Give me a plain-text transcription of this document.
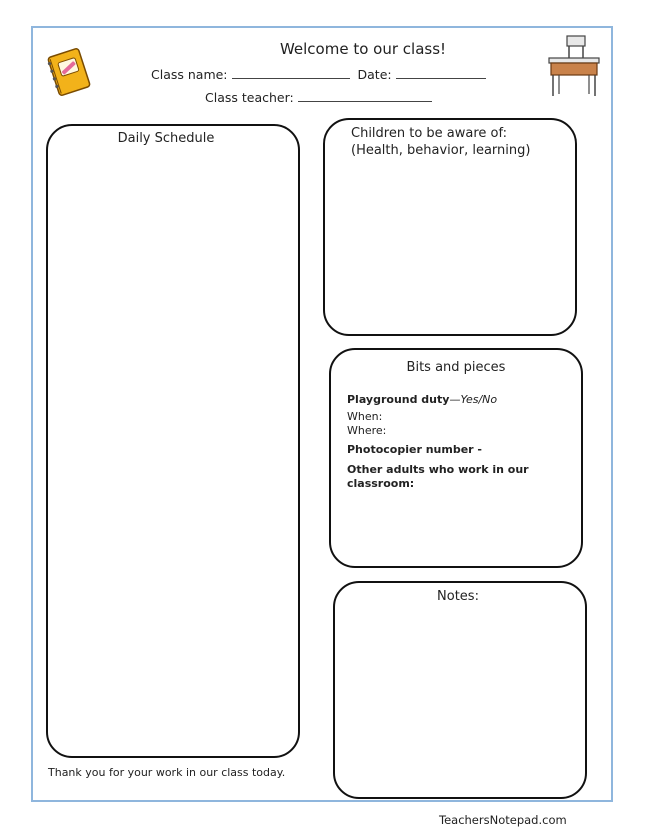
Welcome to our class!
Class name:	Date:
Class teacher:
Daily Schedule	Children to be aware of:
(Health, behavior, learning)
Bits and pieces
Playground duty—Yes/No
When:
Where:
Photocopier number -
Other adults who work in our
classroom:
Notes:
Thank you for your work in our class today.
TeachersNotepad.com
